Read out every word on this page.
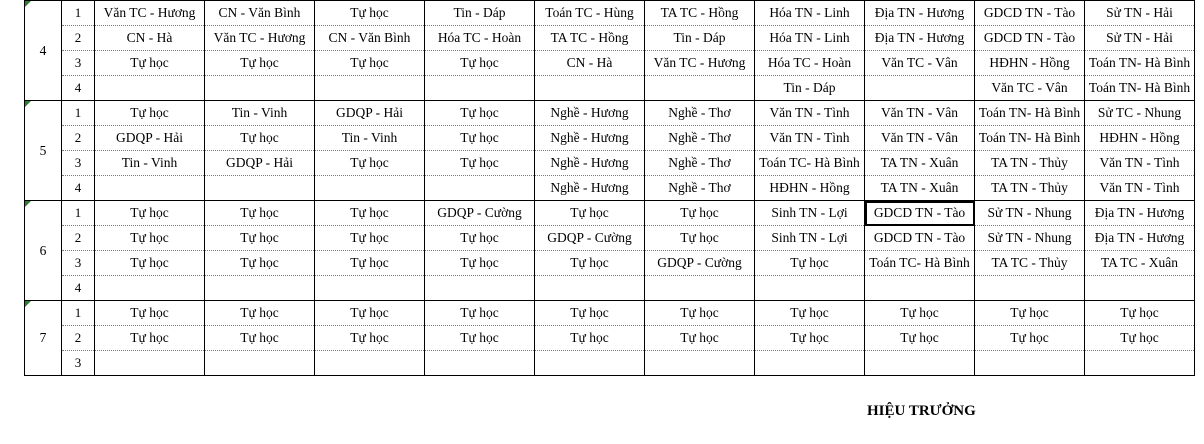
4	1	Văn TC - Hương	CN - Văn Bình	Tự học	Tin - Dáp	Toán TC - Hùng	TA TC - Hồng	Hóa TN - Linh	Địa TN - Hương	GDCD TN - Tào	Sử TN - Hải
	2	CN - Hà	Văn TC - Hương	CN - Văn Bình	Hóa TC - Hoàn	TA TC - Hồng	Tin - Dáp	Hóa TN - Linh	Địa TN - Hương	GDCD TN - Tào	Sử TN - Hải
	3	Tự học	Tự học	Tự học	Tự học	CN - Hà	Văn TC - Hương	Hóa TC - Hoàn	Văn TC - Vân	HĐHN - Hồng	Toán TN- Hà Bình
	4							Tin - Dáp		Văn TC - Vân	Toán TN- Hà Bình

5	1	Tự học	Tin - Vinh	GDQP - Hải	Tự học	Nghề - Hương	Nghề - Thơ	Văn TN - Tình	Văn TN - Vân	Toán TN- Hà Bình	Sử TC - Nhung
	2	GDQP - Hải	Tự học	Tin - Vinh	Tự học	Nghề - Hương	Nghề - Thơ	Văn TN - Tình	Văn TN - Vân	Toán TN- Hà Bình	HĐHN - Hồng
	3	Tin - Vinh	GDQP - Hải	Tự học	Tự học	Nghề - Hương	Nghề - Thơ	Toán TC- Hà Bình	TA TN - Xuân	TA TN - Thủy	Văn TN - Tình
	4					Nghề - Hương	Nghề - Thơ	HĐHN - Hồng	TA TN - Xuân	TA TN - Thủy	Văn TN - Tình

6	1	Tự học	Tự học	Tự học	GDQP - Cường	Tự học	Tự học	Sinh TN - Lợi	GDCD TN - Tào	Sử TN - Nhung	Địa TN - Hương
	2	Tự học	Tự học	Tự học	Tự học	GDQP - Cường	Tự học	Sinh TN - Lợi	GDCD TN - Tào	Sử TN - Nhung	Địa TN - Hương
	3	Tự học	Tự học	Tự học	Tự học	Tự học	GDQP - Cường	Tự học	Toán TC- Hà Bình	TA TC - Thủy	TA TC - Xuân
	4										

7	1	Tự học	Tự học	Tự học	Tự học	Tự học	Tự học	Tự học	Tự học	Tự học	Tự học
	2	Tự học	Tự học	Tự học	Tự học	Tự học	Tự học	Tự học	Tự học	Tự học	Tự học
	3										
HIỆU TRƯỞNG
